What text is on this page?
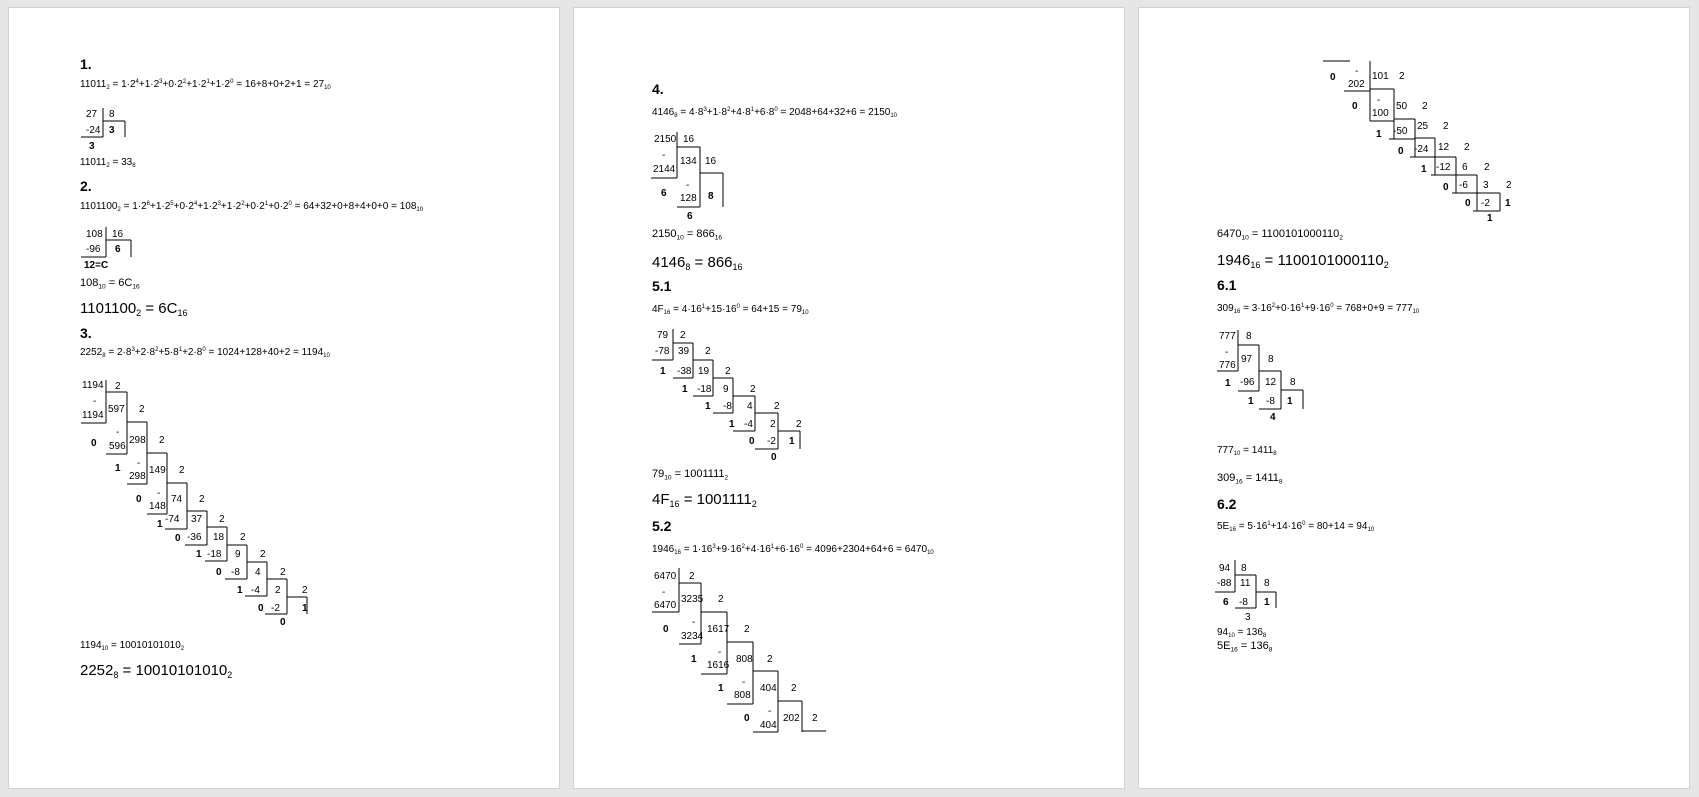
1.
$11011_2 = 1\cdot 2^4+1\cdot 2^3+0\cdot 2^2+1\cdot 2^1+1\cdot 2^0 = 16+8+0+2+1 = 27_{10}$
27 8
-24 3
3
$11011_2 = 33_8$
2.
$1101100_2 = 1\cdot 2^6+1\cdot 2^5+0\cdot 2^4+1\cdot 2^3+1\cdot 2^2+0\cdot 2^1+0\cdot 2^0 = 64+32+0+8+4+0+0 = 108_{10}$
108 16
-96 6
12=C
$108_{10} = 6C_{16}$
$1101100_2 = 6C_{16}$
3.
$2252_8 = 2\cdot 8^3+2\cdot 8^2+5\cdot 8^1+2\cdot 8^0 = 1024+128+40+2 = 1194_{10}$
1194 2
-
1194
0
597 2
-
596
1
298 2
-
298
0
149 2
-
148
1
74 2
-74
0
37 2
-36
1
18 2
-18
0
9 2
-8
1
4 2
-4
0
2 2
-2 1
0
$1194_{10} = 10010101010_2$
$2252_8 = 10010101010_2$
4.
$4146_8 = 4\cdot 8^3+1\cdot 8^2+4\cdot 8^1+6\cdot 8^0 = 2048+64+32+6 = 2150_{10}$
2150 16
-
2144
6
134 16
-
128 8
6
$2150_{10} = 866_{16}$
$4146_8 = 866_{16}$
5.1
$4F_{16} = 4\cdot 16^1+15\cdot 16^0 = 64+15 = 79_{10}$
79 2
-78
1
39 2
-38
1
19 2
-18
1
9 2
-8
1
4 2
-4
0
2 2
-2 1
0
$79_{10} = 1001111_2$
$4F_{16} = 1001111_2$
5.2
$1946_{16} = 1\cdot 16^3+9\cdot 16^2+4\cdot 16^1+6\cdot 16^0 = 4096+2304+64+6 = 6470_{10}$
6470 2
-
6470
0
3235 2
-
3234
1
1617 2
-
1616
1
808 2
-
808
0
404 2
-
404
202 2
0
-
202
0
101 2
-
100
1
50 2
-50
0
25 2
-24
1
12 2
-12
0
6 2
-6
0
3 2
-2
1
1
$6470_{10} = 1100101000110_2$
$1946_{16} = 1100101000110_2$
6.1
$309_{16} = 3\cdot 16^2+0\cdot 16^1+9\cdot 16^0 = 768+0+9 = 777_{10}$
777 8
-
776
1
97 8
-96
1
12 8
-8 1
4
$777_{10} = 1411_8$
$309_{16} = 1411_8$
6.2
$5E_{16} = 5\cdot 16^1+14\cdot 16^0 = 80+14 = 94_{10}$
94 8
-88
6
11 8
-8 1
3
$94_{10} = 136_8$
$5E_{16} = 136_8$
